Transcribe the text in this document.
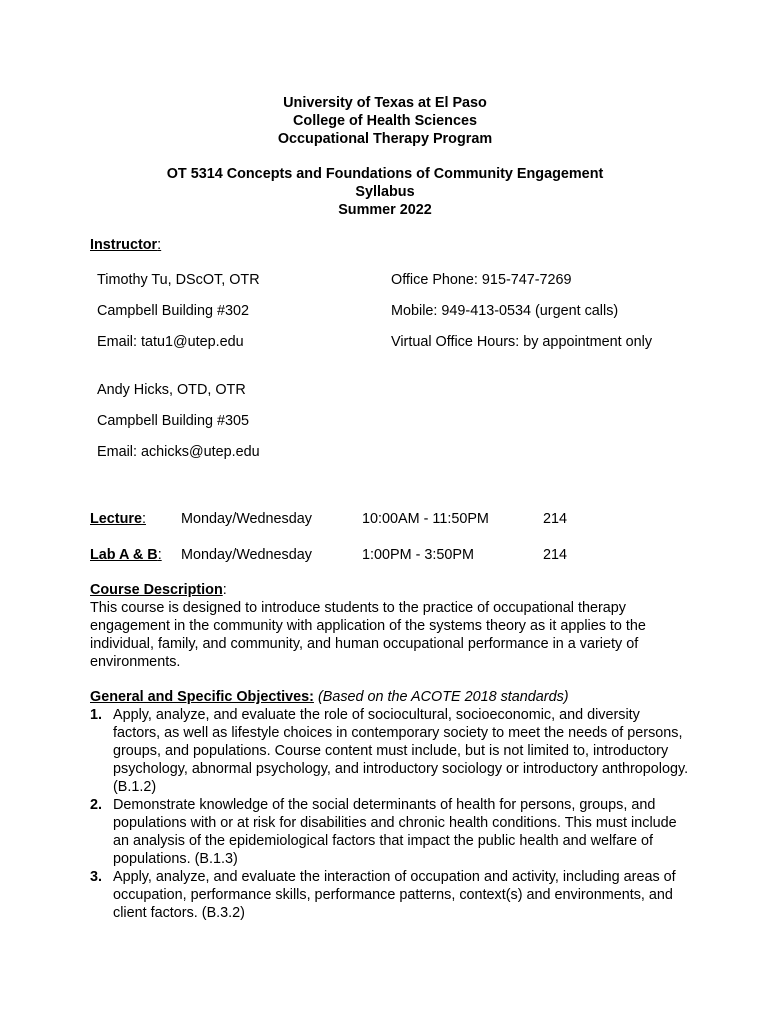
University of Texas at El Paso
College of Health Sciences
Occupational Therapy Program
OT 5314 Concepts and Foundations of Community Engagement
Syllabus
Summer 2022
Instructor:
Timothy Tu, DScOT, OTR	Office Phone: 915-747-7269
Campbell Building #302	Mobile: 949-413-0534 (urgent calls)
Email: tatu1@utep.edu	Virtual Office Hours: by appointment only
Andy Hicks, OTD, OTR
Campbell Building #305
Email: achicks@utep.edu
Lecture: Monday/Wednesday	10:00AM - 11:50PM	214
Lab A & B: Monday/Wednesday	1:00PM - 3:50PM	214
Course Description:
This course is designed to introduce students to the practice of occupational therapy engagement in the community with application of the systems theory as it applies to the individual, family, and community, and human occupational performance in a variety of environments.
General and Specific Objectives: (Based on the ACOTE 2018 standards)
1. Apply, analyze, and evaluate the role of sociocultural, socioeconomic, and diversity factors, as well as lifestyle choices in contemporary society to meet the needs of persons, groups, and populations. Course content must include, but is not limited to, introductory psychology, abnormal psychology, and introductory sociology or introductory anthropology. (B.1.2)
2. Demonstrate knowledge of the social determinants of health for persons, groups, and populations with or at risk for disabilities and chronic health conditions. This must include an analysis of the epidemiological factors that impact the public health and welfare of populations. (B.1.3)
3. Apply, analyze, and evaluate the interaction of occupation and activity, including areas of occupation, performance skills, performance patterns, context(s) and environments, and client factors. (B.3.2)
